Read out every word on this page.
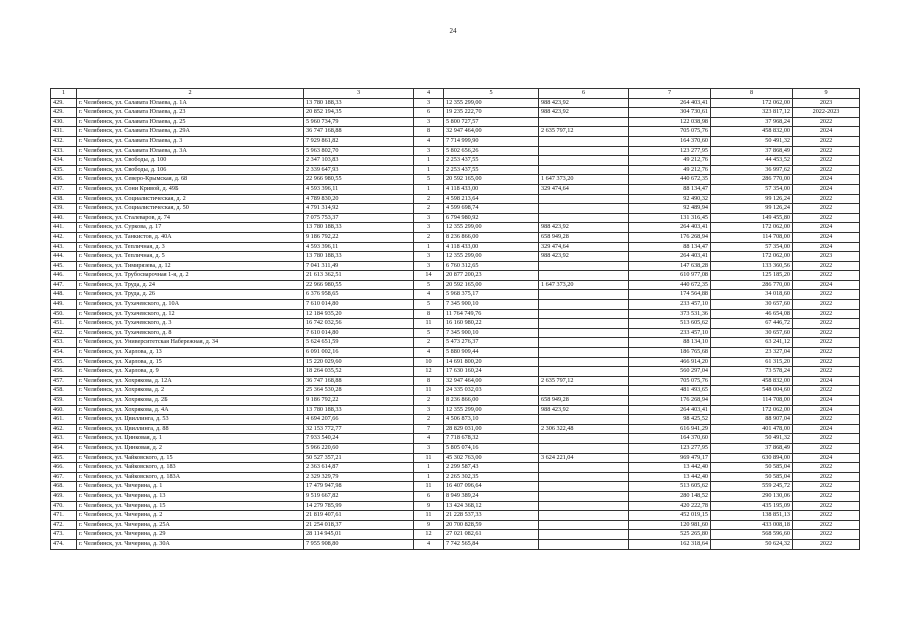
24
1	2	3	4	5	6	7	8	9
429.	г. Челябинск, ул. Салавата Юлаева, д. 1А	13 780 188,33	3	12 355 299,00	988 423,92	264 403,41	172 062,00	2023
429.	г. Челябинск, ул. Салавата Юлаева, д. 23	20 852 194,35	6	19 235 222,70	988 423,92	304 730,61	323 817,12	2022-2023
430.	г. Челябинск, ул. Салавата Юлаева, д. 25	5 960 734,79	3	5 800 727,57		122 038,98	37 968,24	2022
431.	г. Челябинск, ул. Салавата Юлаева, д. 29А	36 747 168,88	8	32 947 464,00	2 635 797,12	705 075,76	458 832,00	2024
432.	г. Челябинск, ул. Салавата Юлаева, д. 3	7 929 861,82	4	7 714 999,90		164 370,60	50 491,32	2022
433.	г. Челябинск, ул. Салавата Юлаева, д. 3А	5 963 802,70	3	5 802 656,26		123 277,95	37 868,49	2022
434.	г. Челябинск, ул. Свободы, д. 100	2 347 103,83	1	2 253 437,55		49 212,76	44 453,52	2022
435.	г. Челябинск, ул. Свободы, д. 106	2 339 647,93	1	2 253 437,55		49 212,76	36 997,62	2022
436.	г. Челябинск, ул. Северо-Крымская, д. 68	22 966 980,55	5	20 592 165,00	1 647 373,20	440 672,35	286 770,00	2024
437.	г. Челябинск, ул. Сони Кривой, д. 49Б	4 593 396,11	1	4 118 433,00	329 474,64	88 134,47	57 354,00	2024
438.	г. Челябинск, ул. Социалистическая, д. 2	4 789 830,20	2	4 598 213,64		92 490,32	99 126,24	2022
439.	г. Челябинск, ул. Социалистическая, д. 50	4 791 314,92	2	4 599 698,74		92 489,94	99 126,24	2022
440.	г. Челябинск, ул. Сталеваров, д. 74	7 075 753,37	3	6 794 980,92		131 316,45	149 455,80	2022
441.	г. Челябинск, ул. Суркова, д. 17	13 780 188,33	3	12 355 299,00	988 423,92	264 403,41	172 062,00	2024
442.	г. Челябинск, ул. Танкистов, д. 40А	9 186 792,22	2	8 236 866,00	658 949,28	176 268,94	114 708,00	2024
443.	г. Челябинск, ул. Тепличная, д. 3	4 593 396,11	1	4 118 433,00	329 474,64	88 134,47	57 354,00	2024
444.	г. Челябинск, ул. Тепличная, д. 5	13 780 188,33	3	12 355 299,00	988 423,92	264 403,41	172 062,00	2023
445.	г. Челябинск, ул. Тимирязева, д. 12	7 041 311,49	3	6 760 312,65		147 638,28	133 360,56	2022
446.	г. Челябинск, ул. Трубосварочная 1-я, д. 2	21 613 362,51	14	20 877 200,23		610 977,08	125 185,20	2022
447.	г. Челябинск, ул. Труда, д. 24	22 966 980,55	5	20 592 165,00	1 647 373,20	440 672,35	286 770,00	2024
448.	г. Челябинск, ул. Труда, д. 26	6 376 958,65	4	5 968 375,17		174 564,88	34 018,60	2022
449.	г. Челябинск, ул. Тухачевского, д. 10А	7 610 014,80	5	7 345 900,10		233 457,10	30 657,60	2022
450.	г. Челябинск, ул. Тухачевского, д. 12	12 184 935,20	8	11 764 749,76		373 531,36	46 654,08	2022
451.	г. Челябинск, ул. Тухачевского, д. 3	16 742 032,56	11	16 160 980,22		513 605,62	67 446,72	2022
452.	г. Челябинск, ул. Тухачевского, д. 8	7 610 014,80	5	7 345 900,10		233 457,10	30 657,60	2022
453.	г. Челябинск, ул. Университетская Набережная, д. 34	5 624 651,59	2	5 473 276,37		88 134,10	63 241,12	2022
454.	г. Челябинск, ул. Харлова, д. 13	6 091 002,16	4	5 880 909,44		186 765,68	23 327,04	2022
455.	г. Челябинск, ул. Харлова, д. 15	15 220 029,60	10	14 691 800,20		466 914,20	61 315,20	2022
456.	г. Челябинск, ул. Харлова, д. 9	18 264 035,52	12	17 630 160,24		560 297,04	73 578,24	2022
457.	г. Челябинск, ул. Хохрякова, д. 12А	36 747 168,88	8	32 947 464,00	2 635 797,12	705 075,76	458 832,00	2024
458.	г. Челябинск, ул. Хохрякова, д. 2	25 364 530,28	11	24 335 032,03		481 493,65	548 004,60	2022
459.	г. Челябинск, ул. Хохрякова, д. 2Б	9 186 792,22	2	8 236 866,00	658 949,28	176 268,94	114 708,00	2024
460.	г. Челябинск, ул. Хохрякова, д. 4А	13 780 188,33	3	12 355 299,00	988 423,92	264 403,41	172 062,00	2024
461.	г. Челябинск, ул. Цвиллинга, д. 53	4 694 207,66	2	4 506 873,10		98 425,52	88 907,04	2022
462.	г. Челябинск, ул. Цвиллинга, д. 88	32 153 772,77	7	28 829 031,00	2 306 322,48	616 941,29	401 478,00	2024
463.	г. Челябинск, ул. Цинковая, д. 1	7 933 540,24	4	7 718 678,32		164 370,60	50 491,32	2022
464.	г. Челябинск, ул. Цинковая, д. 2	5 966 220,60	3	5 805 074,16		123 277,95	37 868,49	2022
465.	г. Челябинск, ул. Чайковского, д. 15	50 527 357,21	11	45 302 763,00	3 624 221,04	969 479,17	630 894,00	2024
466.	г. Челябинск, ул. Чайковского, д. 183	2 363 614,87	1	2 299 587,43		13 442,40	50 585,04	2022
467.	г. Челябинск, ул. Чайковского, д. 183А	2 329 329,79	1	2 265 302,35		13 442,40	50 585,04	2022
468.	г. Челябинск, ул. Чичерина, д. 1	17 479 947,98	11	16 407 096,64		513 605,62	559 245,72	2022
469.	г. Челябинск, ул. Чичерина, д. 13	9 519 667,82	6	8 949 389,24		280 148,52	290 130,06	2022
470.	г. Челябинск, ул. Чичерина, д. 15	14 279 785,99	9	13 424 368,12		420 222,78	435 195,09	2022
471.	г. Челябинск, ул. Чичерина, д. 2	21 819 407,61	11	21 228 537,33		452 019,15	138 851,13	2022
472.	г. Челябинск, ул. Чичерина, д. 25А	21 254 018,37	9	20 700 828,59		120 981,60	433 008,18	2022
473.	г. Челябинск, ул. Чичерина, д. 29	28 114 945,01	12	27 021 082,61		525 265,80	568 596,60	2022
474.	г. Челябинск, ул. Чичерина, д. 30А	7 955 908,80	4	7 742 565,84		162 318,64	50 624,32	2022
